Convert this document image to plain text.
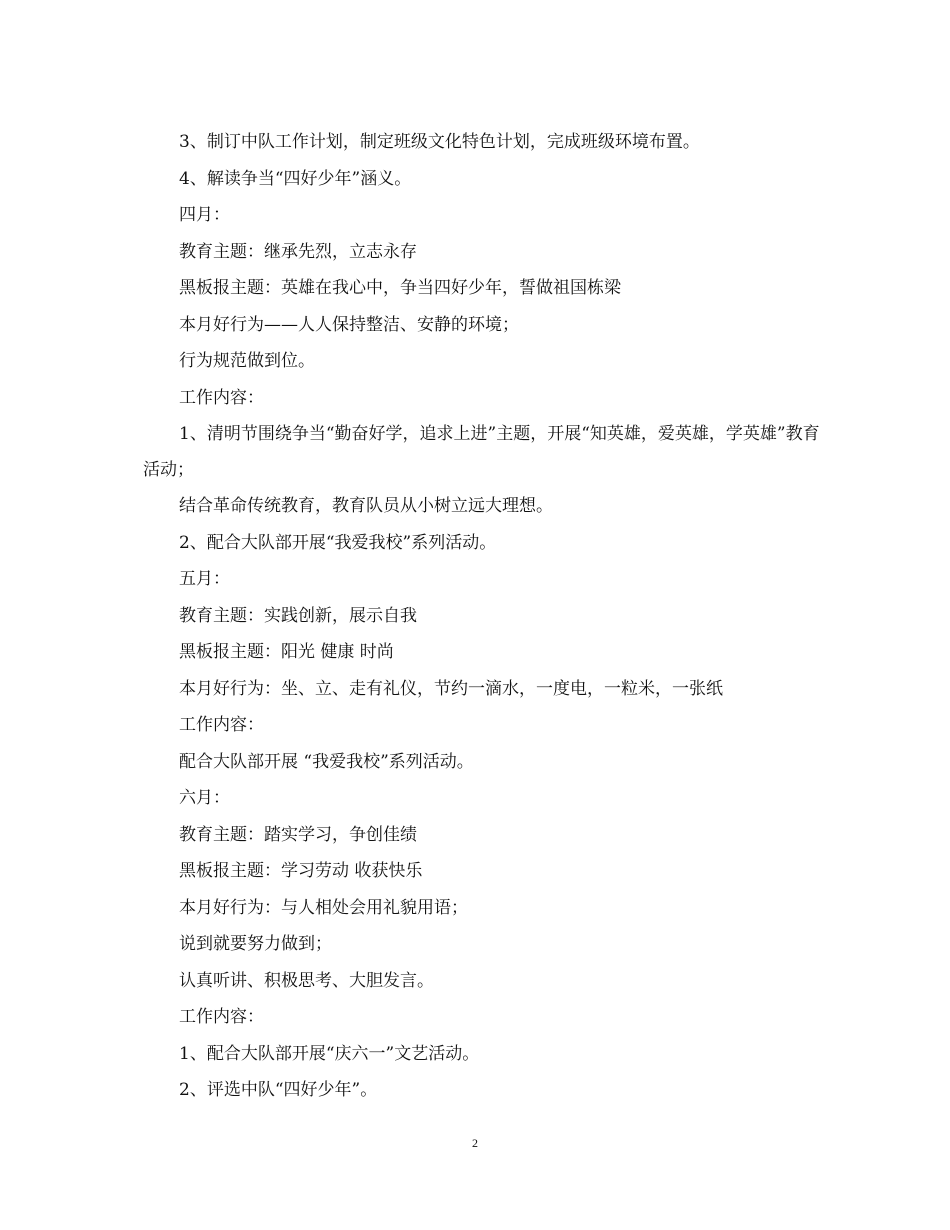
3、制订中队工作计划，制定班级文化特色计划，完成班级环境布置。

4、解读争当“四好少年”涵义。

四月：

教育主题：继承先烈，立志永存

黑板报主题：英雄在我心中，争当四好少年，誓做祖国栋梁

本月好行为——人人保持整洁、安静的环境；

行为规范做到位。

工作内容：

1、清明节围绕争当“勤奋好学，追求上进”主题，开展“知英雄，爱英雄，学英雄”教育活动；

结合革命传统教育，教育队员从小树立远大理想。

2、配合大队部开展“我爱我校”系列活动。

五月：

教育主题：实践创新，展示自我

黑板报主题：阳光 健康 时尚

本月好行为：坐、立、走有礼仪，节约一滴水，一度电，一粒米，一张纸

工作内容：

配合大队部开展 “我爱我校”系列活动。

六月：

教育主题：踏实学习，争创佳绩

黑板报主题：学习劳动 收获快乐

本月好行为：与人相处会用礼貌用语；

说到就要努力做到；

认真听讲、积极思考、大胆发言。

工作内容：

1、配合大队部开展“庆六一”文艺活动。

2、评选中队“四好少年”。

2
